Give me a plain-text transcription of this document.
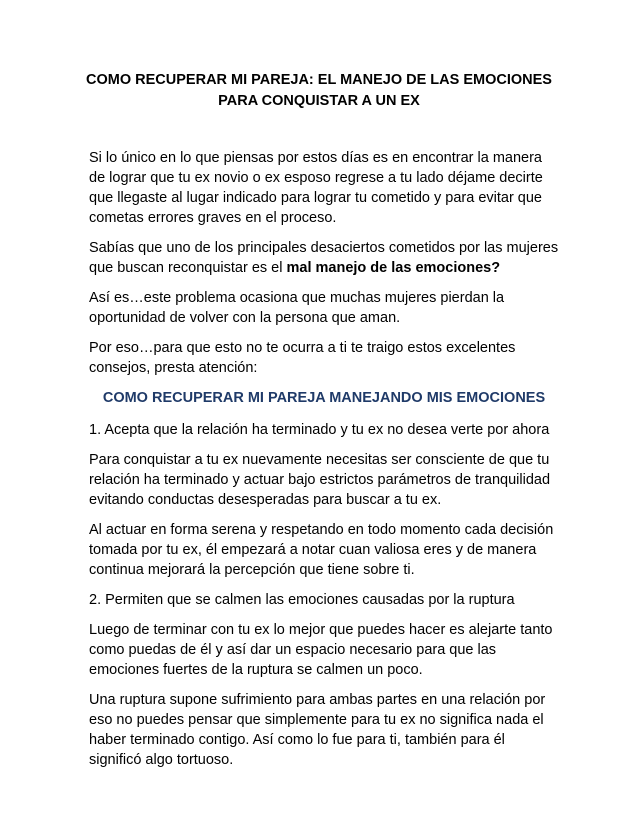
COMO RECUPERAR MI PAREJA: EL MANEJO DE LAS EMOCIONES PARA CONQUISTAR A UN EX

Si lo único en lo que piensas por estos días es en encontrar la manera de lograr que tu ex novio o ex esposo regrese a tu lado déjame decirte que llegaste al lugar indicado para lograr tu cometido y para evitar que cometas errores graves en el proceso.

Sabías que uno de los principales desaciertos cometidos por las mujeres que buscan reconquistar es el mal manejo de las emociones?

Así es…este problema ocasiona que muchas mujeres pierdan la oportunidad de volver con la persona que aman.

Por eso…para que esto no te ocurra a ti te traigo estos excelentes consejos, presta atención:

COMO RECUPERAR MI PAREJA MANEJANDO MIS EMOCIONES

1. Acepta que la relación ha terminado y tu ex no desea verte por ahora

Para conquistar a tu ex nuevamente necesitas ser consciente de que tu relación ha terminado y actuar bajo estrictos parámetros de tranquilidad evitando conductas desesperadas para buscar a tu ex.

Al actuar en forma serena y respetando en todo momento cada decisión tomada por tu ex, él empezará a notar cuan valiosa eres y de manera continua mejorará la percepción que tiene sobre ti.

2. Permiten que se calmen las emociones causadas por la ruptura

Luego de terminar con tu ex lo mejor que puedes hacer es alejarte tanto como puedas de él y así dar un espacio necesario para que las emociones fuertes de la ruptura se calmen un poco.

Una ruptura supone sufrimiento para ambas partes en una relación por eso no puedes pensar que simplemente para tu ex no significa nada el haber terminado contigo. Así como lo fue para ti, también para él significó algo tortuoso.
